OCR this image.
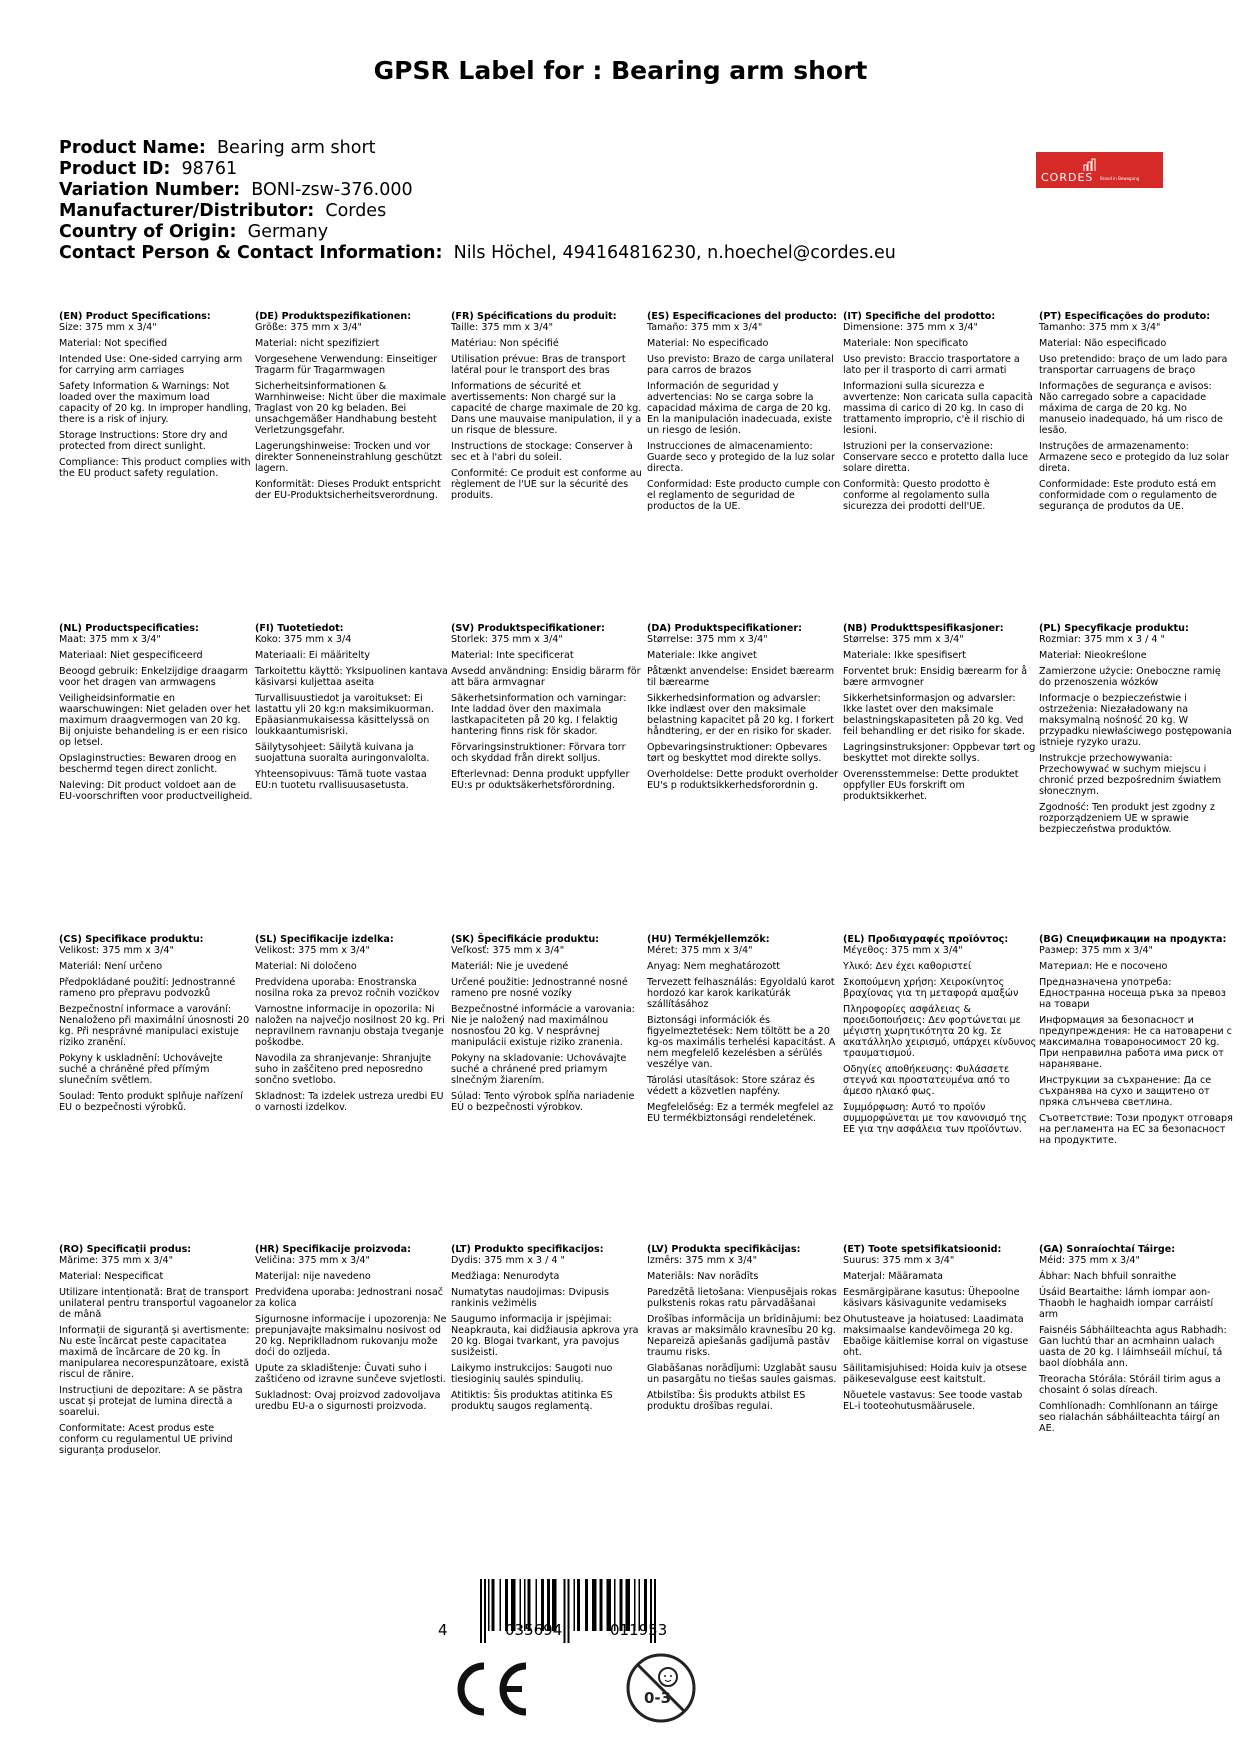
GPSR Label for : Bearing arm short
Product Name: Bearing arm short
Product ID: 98761
Variation Number: BONI-zsw-376.000
Manufacturer/Distributor: Cordes
Country of Origin: Germany
Contact Person & Contact Information: Nils Höchel, 494164816230, n.hoechel@cordes.eu
CORDES Brand in Bewegung
(EN) Product Specifications:
Size: 375 mm x 3/4"

Material: Not specified

Intended Use: One-sided carrying arm for carrying arm carriages

Safety Information & Warnings: Not loaded over the maximum load capacity of 20 kg. In improper handling, there is a risk of injury.

Storage Instructions: Store dry and protected from direct sunlight.

Compliance: This product complies with the EU product safety regulation.

(DE) Produktspezifikationen:
Größe: 375 mm x 3/4"

Material: nicht spezifiziert

Vorgesehene Verwendung: Einseitiger Tragarm für Tragarmwagen

Sicherheitsinformationen & Warnhinweise: Nicht über die maximale Traglast von 20 kg beladen. Bei unsachgemäßer Handhabung besteht Verletzungsgefahr.

Lagerungshinweise: Trocken und vor direkter Sonneneinstrahlung geschützt lagern.

Konformität: Dieses Produkt entspricht der EU-Produktsicherheitsverordnung.

(FR) Spécifications du produit:
Taille: 375 mm x 3/4"

Matériau: Non spécifié

Utilisation prévue: Bras de transport latéral pour le transport des bras

Informations de sécurité et avertissements: Non chargé sur la capacité de charge maximale de 20 kg. Dans une mauvaise manipulation, il y a un risque de blessure.

Instructions de stockage: Conserver à sec et à l'abri du soleil.

Conformité: Ce produit est conforme au règlement de l'UE sur la sécurité des produits.

(ES) Especificaciones del producto:
Tamaño: 375 mm x 3/4"

Material: No especificado

Uso previsto: Brazo de carga unilateral para carros de brazos

Información de seguridad y advertencias: No se carga sobre la capacidad máxima de carga de 20 kg. En la manipulación inadecuada, existe un riesgo de lesión.

Instrucciones de almacenamiento: Guarde seco y protegido de la luz solar directa.

Conformidad: Este producto cumple con el reglamento de seguridad de productos de la UE.

(IT) Specifiche del prodotto:
Dimensione: 375 mm x 3/4"

Materiale: Non specificato

Uso previsto: Braccio trasportatore a lato per il trasporto di carri armati

Informazioni sulla sicurezza e avvertenze: Non caricata sulla capacità massima di carico di 20 kg. In caso di trattamento improprio, c'è il rischio di lesioni.

Istruzioni per la conservazione: Conservare secco e protetto dalla luce solare diretta.

Conformità: Questo prodotto è conforme al regolamento sulla sicurezza dei prodotti dell'UE.

(PT) Especificações do produto:
Tamanho: 375 mm x 3/4"

Material: Não especificado

Uso pretendido: braço de um lado para transportar carruagens de braço

Informações de segurança e avisos: Não carregado sobre a capacidade máxima de carga de 20 kg. No manuseio inadequado, há um risco de lesão.

Instruções de armazenamento: Armazene seco e protegido da luz solar direta.

Conformidade: Este produto está em conformidade com o regulamento de segurança de produtos da UE.

(NL) Productspecificaties:
Maat: 375 mm x 3/4"

Materiaal: Niet gespecificeerd

Beoogd gebruik: Enkelzijdige draagarm voor het dragen van armwagens

Veiligheidsinformatie en waarschuwingen: Niet geladen over het maximum draagvermogen van 20 kg. Bij onjuiste behandeling is er een risico op letsel.

Opslaginstructies: Bewaren droog en beschermd tegen direct zonlicht.

Naleving: Dit product voldoet aan de EU-voorschriften voor productveiligheid.

(FI) Tuotetiedot:
Koko: 375 mm x 3/4

Materiaali: Ei määritelty

Tarkoitettu käyttö: Yksipuolinen kantava käsivarsi kuljettaa aseita

Turvallisuustiedot ja varoitukset: Ei lastattu yli 20 kg:n maksimikuorman. Epäasianmukaisessa käsittelyssä on loukkaantumisriski.

Säilytysohjeet: Säilytä kuivana ja suojattuna suoralta auringonvalolta.

Yhteensopivuus: Tämä tuote vastaa EU:n tuotetu rvallisuusasetusta.

(SV) Produktspecifikationer:
Storlek: 375 mm x 3/4"

Material: Inte specificerat

Avsedd användning: Ensidig bärarm för att bära armvagnar

Säkerhetsinformation och varningar: Inte laddad över den maximala lastkapaciteten på 20 kg. I felaktig hantering finns risk för skador.

Förvaringsinstruktioner: Förvara torr och skyddad från direkt solljus.

Efterlevnad: Denna produkt uppfyller EU:s pr oduktsäkerhetsförordning.

(DA) Produktspecifikationer:
Størrelse: 375 mm x 3/4"

Materiale: Ikke angivet

Påtænkt anvendelse: Ensidet bærearm til bærearme

Sikkerhedsinformation og advarsler: Ikke indlæst over den maksimale belastning kapacitet på 20 kg. I forkert håndtering, er der en risiko for skader.

Opbevaringsinstruktioner: Opbevares tørt og beskyttet mod direkte sollys.

Overholdelse: Dette produkt overholder EU's p roduktsikkerhedsforordnin g.

(NB) Produkttspesifikasjoner:
Størrelse: 375 mm x 3/4"

Materiale: Ikke spesifisert

Forventet bruk: Ensidig bærearm for å bære armvogner

Sikkerhetsinformasjon og advarsler: Ikke lastet over den maksimale belastningskapasiteten på 20 kg. Ved feil behandling er det risiko for skade.

Lagringsinstruksjoner: Oppbevar tørt og beskyttet mot direkte sollys.

Overensstemmelse: Dette produktet oppfyller EUs forskrift om produktsikkerhet.

(PL) Specyfikacje produktu:
Rozmiar: 375 mm x 3 / 4 "

Materiał: Nieokreślone

Zamierzone użycie: Oneboczne ramię do przenoszenia wózków

Informacje o bezpieczeństwie i ostrzeżenia: Niezaładowany na maksymalną nośność 20 kg. W przypadku niewłaściwego postępowania istnieje ryzyko urazu.

Instrukcje przechowywania: Przechowywać w suchym miejscu i chronić przed bezpośrednim światłem słonecznym.

Zgodność: Ten produkt jest zgodny z rozporządzeniem UE w sprawie bezpieczeństwa produktów.

(CS) Specifikace produktu:
Velikost: 375 mm x 3/4"

Materiál: Není určeno

Předpokládané použití: Jednostranné rameno pro přepravu podvozků

Bezpečnostní informace a varování: Nenaloženo při maximální únosnosti 20 kg. Při nesprávné manipulaci existuje riziko zranění.

Pokyny k uskladnění: Uchovávejte suché a chráněné před přímým slunečním světlem.

Soulad: Tento produkt splňuje nařízení EU o bezpečnosti výrobků.

(SL) Specifikacije izdelka:
Velikost: 375 mm x 3/4"

Material: Ni določeno

Predvidena uporaba: Enostranska nosilna roka za prevoz ročnih vozičkov

Varnostne informacije in opozorila: Ni naložen na največjo nosilnost 20 kg. Pri nepravilnem ravnanju obstaja tveganje poškodbe.

Navodila za shranjevanje: Shranjujte suho in zaščiteno pred neposredno sončno svetlobo.

Skladnost: Ta izdelek ustreza uredbi EU o varnosti izdelkov.

(SK) Špecifikácie produktu:
Veľkosť: 375 mm x 3/4"

Materiál: Nie je uvedené

Určené použitie: Jednostranné nosné rameno pre nosné vozíky

Bezpečnostné informácie a varovania: Nie je naložený nad maximálnou nosnosťou 20 kg. V nesprávnej manipulácii existuje riziko zranenia.

Pokyny na skladovanie: Uchovávajte suché a chránené pred priamym slnečným žiarením.

Súlad: Tento výrobok spĺňa nariadenie EÚ o bezpečnosti výrobkov.

(HU) Termékjellemzők:
Méret: 375 mm x 3/4"

Anyag: Nem meghatározott

Tervezett felhasználás: Egyoldalú karot hordozó kar karok karikatúrák szállításához

Biztonsági információk és figyelmeztetések: Nem töltött be a 20 kg-os maximális terhelési kapacitást. A nem megfelelő kezelésben a sérülés veszélye van.

Tárolási utasítások: Store száraz és védett a közvetlen napfény.

Megfelelőség: Ez a termék megfelel az EU termékbiztonsági rendeletének.

(EL) Προδιαγραφές προϊόντος:
Μέγεθος: 375 mm x 3/4"

Υλικό: Δεν έχει καθοριστεί

Σκοπούμενη χρήση: Χειροκίνητος βραχίονας για τη μεταφορά αμαξών

Πληροφορίες ασφάλειας & προειδοποιήσεις: Δεν φορτώνεται με μέγιστη χωρητικότητα 20 kg. Σε ακατάλληλο χειρισμό, υπάρχει κίνδυνος τραυματισμού.

Οδηγίες αποθήκευσης: Φυλάσσετε στεγνά και προστατευμένα από το άμεσο ηλιακό φως.

Συμμόρφωση: Αυτό το προϊόν συμμορφώνεται με τον κανονισμό της ΕΕ για την ασφάλεια των προϊόντων.

(BG) Спецификации на продукта:
Размер: 375 mm x 3/4"

Материал: Не е посочено

Предназначена употреба: Едностранна носеща ръка за превоз на товари

Информация за безопасност и предупреждения: Не са натоварени с максимална товароносимост 20 kg. При неправилна работа има риск от нараняване.

Инструкции за съхранение: Да се съхранява на сухо и защитено от пряка слънчева светлина.

Съответствие: Този продукт отговаря на регламента на ЕС за безопасност на продуктите.

(RO) Specificații produs:
Mărime: 375 mm x 3/4"

Material: Nespecificat

Utilizare intenționată: Braț de transport unilateral pentru transportul vagoanelor de mână

Informații de siguranță și avertismente: Nu este încărcat peste capacitatea maximă de încărcare de 20 kg. În manipularea necorespunzătoare, există riscul de rănire.

Instrucțiuni de depozitare: A se păstra uscat și protejat de lumina directă a soarelui.

Conformitate: Acest produs este conform cu regulamentul UE privind siguranța produselor.

(HR) Specifikacije proizvoda:
Veličina: 375 mm x 3/4"

Materijal: nije navedeno

Predviđena uporaba: Jednostrani nosač za kolica

Sigurnosne informacije i upozorenja: Ne prepunjavajte maksimalnu nosivost od 20 kg. Nepriklladnom rukovanju može doći do ozljeda.

Upute za skladištenje: Čuvati suho i zaštićeno od izravne sunčeve svjetlosti.

Sukladnost: Ovaj proizvod zadovoljava uredbu EU-a o sigurnosti proizvoda.

(LT) Produkto specifikacijos:
Dydis: 375 mm x 3 / 4 "

Medžiaga: Nenurodyta

Numatytas naudojimas: Dvipusis rankinis vežimėlis

Saugumo informacija ir įspėjimai: Neapkrauta, kai didžiausia apkrova yra 20 kg. Blogai tvarkant, yra pavojus susižeisti.

Laikymo instrukcijos: Saugoti nuo tiesioginių saulės spindulių.

Atitiktis: Šis produktas atitinka ES produktų saugos reglamentą.

(LV) Produkta specifikācijas:
Izmērs: 375 mm x 3/4"

Materiāls: Nav norādīts

Paredzētā lietošana: Vienpusējais rokas pulkstenis rokas ratu pārvadāšanai

Drošības informācija un brīdinājumi: bez kravas ar maksimālo kravnesību 20 kg. Nepareizā apiešanās gadījumā pastāv traumu risks.

Glabāšanas norādījumi: Uzglabāt sausu un pasargātu no tiešas saules gaismas.

Atbilstība: Šis produkts atbilst ES produktu drošības regulai.

(ET) Toote spetsifikatsioonid:
Suurus: 375 mm x 3/4"

Materjal: Määramata

Eesmärgipärane kasutus: Ühepoolne käsivars käsivagunite vedamiseks

Ohutusteave ja hoiatused: Laadimata maksimaalse kandevõimega 20 kg. Ebaõige käitlemise korral on vigastuse oht.

Säilitamisjuhised: Hoida kuiv ja otsese päikesevalguse eest kaitstult.

Nõuetele vastavus: See toode vastab EL-i tooteohutusmäärusele.

(GA) Sonraíochtaí Táirge:
Méid: 375 mm x 3/4"

Ábhar: Nach bhfuil sonraithe

Úsáid Beartaithe: lámh iompar aon-Thaobh le haghaidh iompar carráistí arm

Faisnéis Sábháilteachta agus Rabhadh: Gan luchtú thar an acmhainn ualach uasta de 20 kg. I láimhseáil míchuí, tá baol díobhála ann.

Treoracha Stórála: Stóráil tirim agus a chosaint ó solas díreach.

Comhlíonadh: Comhlíonann an táirge seo rialachán sábháilteachta táirgí an AE.

4	035694	011953
0-3
